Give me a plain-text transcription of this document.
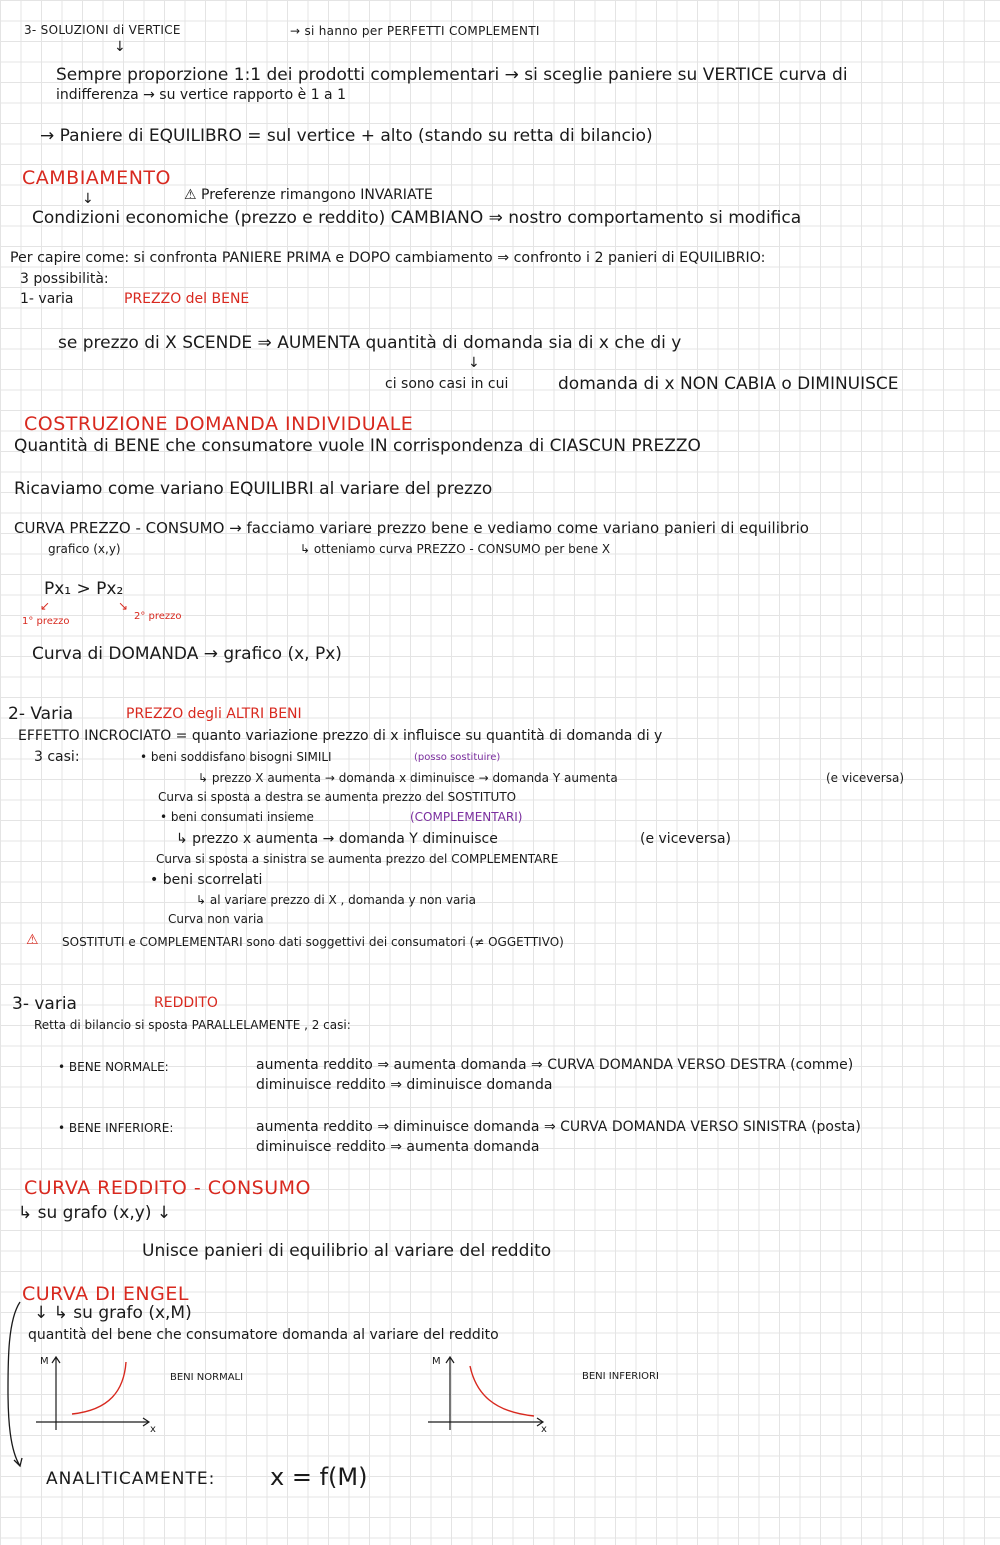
3- SOLUZIONI di VERTICE	→ si hanno per PERFETTI COMPLEMENTI
↓
Sempre proporzione 1:1 dei prodotti complementari → si sceglie paniere su VERTICE curva di
indifferenza → su vertice rapporto è 1 a 1
→ Paniere di EQUILIBRO = sul vertice + alto (stando su retta di bilancio)
CAMBIAMENTO
↓	⚠ Preferenze rimangono INVARIATE
Condizioni economiche (prezzo e reddito) CAMBIANO ⇒ nostro comportamento si modifica
Per capire come: si confronta PANIERE PRIMA e DOPO cambiamento ⇒ confronto i 2 panieri di EQUILIBRIO:
3 possibilità:
1- varia	PREZZO del BENE
se prezzo di X SCENDE ⇒ AUMENTA quantità di domanda sia di x che di y
↓
ci sono casi in cui	domanda di x NON CABIA o DIMINUISCE
COSTRUZIONE DOMANDA INDIVIDUALE
Quantità di BENE che consumatore vuole IN corrispondenza di CIASCUN PREZZO
Ricaviamo come variano EQUILIBRI al variare del prezzo
CURVA PREZZO - CONSUMO → facciamo variare prezzo bene e vediamo come variano panieri di equilibrio
grafico (x,y)	↳ otteniamo curva PREZZO - CONSUMO per bene X
Px₁ > Px₂
↙	↘
1° prezzo	2° prezzo
Curva di DOMANDA → grafico (x, Px)
2- Varia	PREZZO degli ALTRI BENI
EFFETTO INCROCIATO = quanto variazione prezzo di x influisce su quantità di domanda di y
3 casi:	• beni soddisfano bisogni SIMILI	(posso sostituire)
↳ prezzo X aumenta → domanda x diminuisce → domanda Y aumenta	(e viceversa)
Curva si sposta a destra se aumenta prezzo del SOSTITUTO
• beni consumati insieme	(COMPLEMENTARI)
↳ prezzo x aumenta → domanda Y diminuisce	(e viceversa)
Curva si sposta a sinistra se aumenta prezzo del COMPLEMENTARE
• beni scorrelati
↳ al variare prezzo di X , domanda y non varia
Curva non varia
⚠ SOSTITUTI e COMPLEMENTARI sono dati soggettivi dei consumatori (≠ OGGETTIVO)
3- varia	REDDITO
Retta di bilancio si sposta PARALLELAMENTE , 2 casi:
• BENE NORMALE:	aumenta reddito ⇒ aumenta domanda ⇒ CURVA DOMANDA VERSO DESTRA (comme)
diminuisce reddito ⇒ diminuisce domanda
• BENE INFERIORE:	aumenta reddito ⇒ diminuisce domanda ⇒ CURVA DOMANDA VERSO SINISTRA (posta)
diminuisce reddito ⇒ aumenta domanda
CURVA REDDITO - CONSUMO
↳ su grafo (x,y) ↓
Unisce panieri di equilibrio al variare del reddito
CURVA DI ENGEL
↓ ↳ su grafo (x,M)
quantità del bene che consumatore domanda al variare del reddito
M
x
BENI NORMALI
M
x
BENI INFERIORI
ANALITICAMENTE: x = f(M)
